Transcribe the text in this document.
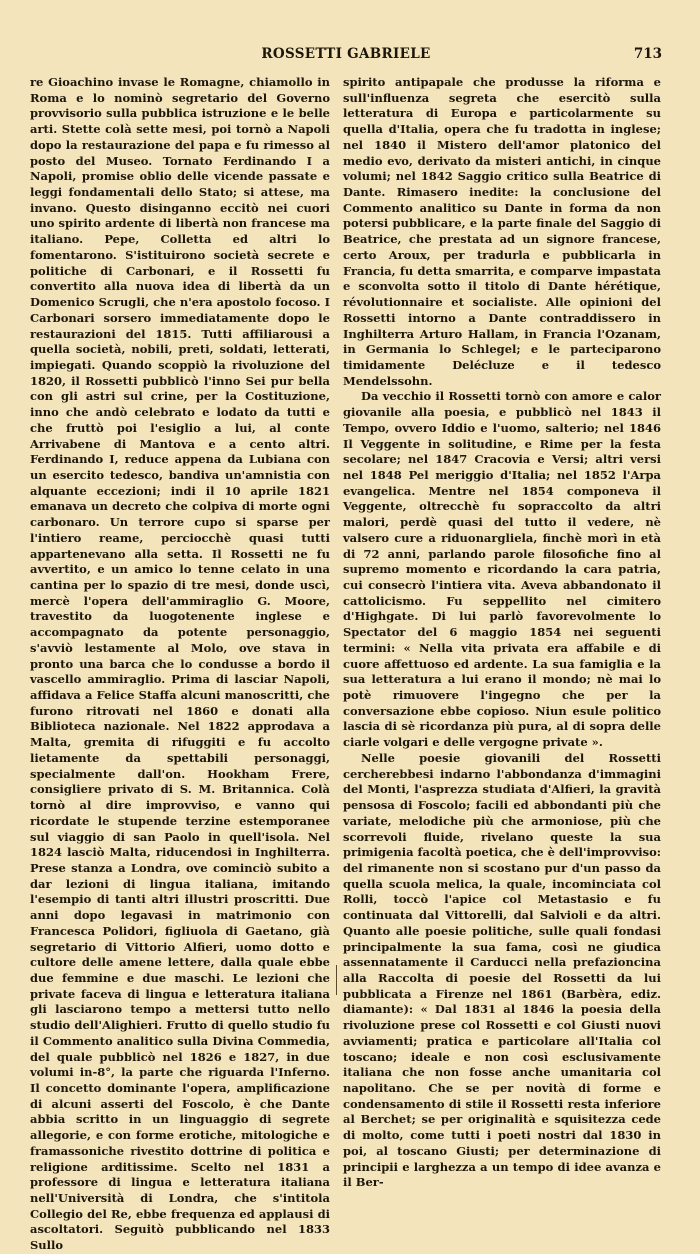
ROSSETTI GABRIELE	713

re Gioachino invase le Romagne, chiamollo in Roma e lo nominò segretario del Governo provvisorio sulla pubblica istruzione e le belle arti. Stette colà sette mesi, poi tornò a Napoli dopo la restaurazione del papa e fu rimesso al posto del Museo. Tornato Ferdinando I a Napoli, promise oblio delle vicende passate e leggi fondamentali dello Stato; si attese, ma invano. Questo disinganno eccitò nei cuori uno spirito ardente di libertà non francese ma italiano. Pepe, Colletta ed altri lo fomentarono. S'istituirono società secrete e politiche di Carbonari, e il Rossetti fu convertito alla nuova idea di libertà da un Domenico Scrugli, che n'era apostolo focoso. I Carbonari sorsero immediatamente dopo le restaurazioni del 1815. Tutti affiliarousi a quella società, nobili, preti, soldati, letterati, impiegati. Quando scoppiò la rivoluzione del 1820, il Rossetti pubblicò l'inno Sei pur bella con gli astri sul crine, per la Costituzione, inno che andò celebrato e lodato da tutti e che fruttò poi l'esiglio a lui, al conte Arrivabene di Mantova e a cento altri. Ferdinando I, reduce appena da Lubiana con un esercito tedesco, bandiva un'amnistia con alquante eccezioni; indi il 10 aprile 1821 emanava un decreto che colpiva di morte ogni carbonaro. Un terrore cupo si sparse per l'intiero reame, perciocchè quasi tutti appartenevano alla setta. Il Rossetti ne fu avvertito, e un amico lo tenne celato in una cantina per lo spazio di tre mesi, donde uscì, mercè l'opera dell'ammiraglio G. Moore, travestito da luogotenente inglese e accompagnato da potente personaggio, s'avviò lestamente al Molo, ove stava in pronto una barca che lo condusse a bordo il vascello ammiraglio. Prima di lasciar Napoli, affidava a Felice Staffa alcuni manoscritti, che furono ritrovati nel 1860 e donati alla Biblioteca nazionale. Nel 1822 approdava a Malta, gremita di rifuggiti e fu accolto lietamente da spettabili personaggi, specialmente dall'on. Hookham Frere, consigliere privato di S. M. Britannica. Colà tornò al dire improvviso, e vanno qui ricordate le stupende terzine estemporanee sul viaggio di san Paolo in quell'isola. Nel 1824 lasciò Malta, riducendosi in Inghilterra. Prese stanza a Londra, ove cominciò subito a dar lezioni di lingua italiana, imitando l'esempio di tanti altri illustri proscritti. Due anni dopo legavasi in matrimonio con Francesca Polidori, figliuola di Gaetano, già segretario di Vittorio Alfieri, uomo dotto e cultore delle amene lettere, dalla quale ebbe due femmine e due maschi. Le lezioni che private faceva di lingua e letteratura italiana gli lasciarono tempo a mettersi tutto nello studio dell'Alighieri. Frutto di quello studio fu il Commento analitico sulla Divina Commedia, del quale pubblicò nel 1826 e 1827, in due volumi in-8°, la parte che riguarda l'Inferno. Il concetto dominante l'opera, amplificazione di alcuni asserti del Foscolo, è che Dante abbia scritto in un linguaggio di segrete allegorie, e con forme erotiche, mitologiche e framassoniche rivestito dottrine di politica e religione arditissime. Scelto nel 1831 a professore di lingua e letteratura italiana nell'Università di Londra, che s'intitola Collegio del Re, ebbe frequenza ed applausi di ascoltatori. Seguitò pubblicando nel 1833 Sullo

spirito antipapale che produsse la riforma e sull'influenza segreta che esercitò sulla letteratura di Europa e particolarmente su quella d'Italia, opera che fu tradotta in inglese; nel 1840 il Mistero dell'amor platonico del medio evo, derivato da misteri antichi, in cinque volumi; nel 1842 Saggio critico sulla Beatrice di Dante. Rimasero inedite: la conclusione del Commento analitico su Dante in forma da non potersi pubblicare, e la parte finale del Saggio di Beatrice, che prestata ad un signore francese, certo Aroux, per tradurla e pubblicarla in Francia, fu detta smarrita, e comparve impastata e sconvolta sotto il titolo di Dante hérétique, révolutionnaire et socialiste. Alle opinioni del Rossetti intorno a Dante contraddissero in Inghilterra Arturo Hallam, in Francia l'Ozanam, in Germania lo Schlegel; e le parteciparono timidamente Delécluze e il tedesco Mendelssohn.

Da vecchio il Rossetti tornò con amore e calor giovanile alla poesia, e pubblicò nel 1843 il Tempo, ovvero Iddio e l'uomo, salterio; nel 1846 Il Veggente in solitudine, e Rime per la festa secolare; nel 1847 Cracovia e Versi; altri versi nel 1848 Pel meriggio d'Italia; nel 1852 l'Arpa evangelica. Mentre nel 1854 componeva il Veggente, oltrecchè fu sopraccolto da altri malori, perdè quasi del tutto il vedere, nè valsero cure a riduonargliela, finchè morì in età di 72 anni, parlando parole filosofiche fino al supremo momento e ricordando la cara patria, cui consecrò l'intiera vita. Aveva abbandonato il cattolicismo. Fu seppellito nel cimitero d'Highgate. Di lui parlò favorevolmente lo Spectator del 6 maggio 1854 nei seguenti termini: « Nella vita privata era affabile e di cuore affettuoso ed ardente. La sua famiglia e la sua letteratura a lui erano il mondo; nè mai lo potè rimuovere l'ingegno che per la conversazione ebbe copioso. Niun esule politico lascia di sè ricordanza più pura, al di sopra delle ciarle volgari e delle vergogne private ».

Nelle poesie giovanili del Rossetti cercherebbesi indarno l'abbondanza d'immagini del Monti, l'asprezza studiata d'Alfieri, la gravità pensosa di Foscolo; facili ed abbondanti più che variate, melodiche più che armoniose, più che scorrevoli fluide, rivelano queste la sua primigenia facoltà poetica, che è dell'improvviso: del rimanente non si scostano pur d'un passo da quella scuola melica, la quale, incominciata col Rolli, toccò l'apice col Metastasio e fu continuata dal Vittorelli, dal Salvioli e da altri. Quanto alle poesie politiche, sulle quali fondasi principalmente la sua fama, così ne giudica assennatamente il Carducci nella prefazioncina alla Raccolta di poesie del Rossetti da lui pubblicata a Firenze nel 1861 (Barbèra, ediz. diamante): « Dal 1831 al 1846 la poesia della rivoluzione prese col Rossetti e col Giusti nuovi avviamenti; pratica e particolare all'Italia col toscano; ideale e non così esclusivamente italiana che non fosse anche umanitaria col napolitano. Che se per novità di forme e condensamento di stile il Rossetti resta inferiore al Berchet; se per originalità e squisitezza cede di molto, come tutti i poeti nostri dal 1830 in poi, al toscano Giusti; per determinazione di principii e larghezza a un tempo di idee avanza e il Ber-
